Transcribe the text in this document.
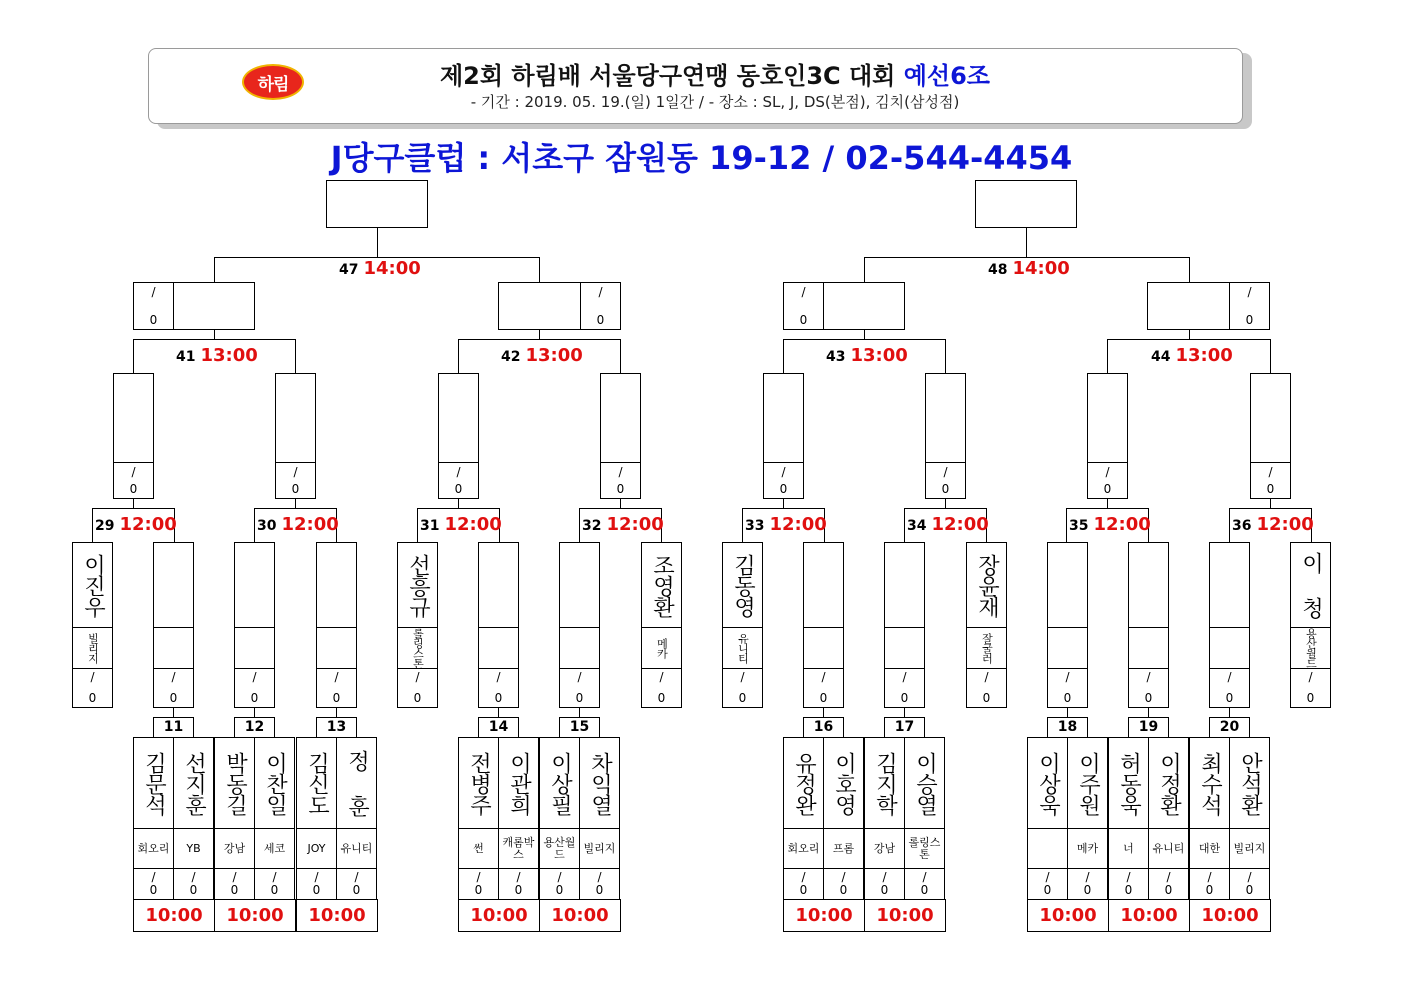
하림	제2회 하림배 서울당구연맹 동호인3C 대회 예선6조
- 기간 : 2019. 05. 19.(일) 1일간 / - 장소 : SL, J, DS(본점), 김치(삼성점)
J당구클럽 : 서초구 잠원동 19-12 / 02-544-4454
47 14:00	48 14:00
/
0
/
0
/
0
/
0
41 13:00
/
0
/
0
42 13:00
/
0
/
0
43 13:00
/
0
/
0
44 13:00
/
0
/
0
29 12:00	30 12:00	31 12:00	32 12:00	33 12:00	34 12:00	35 12:00	36 12:00
이진우
빌리지
/
0
/
0
/
0
/
0
선흥규
롤링스톤
/
0
/
0
/
0
조영환
메카
/
0
김동영
유니티
/
0
/
0
/
0
장윤재
잘굴러
/
0
/
0
/
0
/
0
이 청
용산월드
/
0
11
김문석
회오리
/
0
선지훈
YB
/
0
10:00
12
박동길
강남
/
0
이찬일
세코
/
0
10:00
13
김신도
JOY
/
0
정 훈
유니티
/
0
10:00
14
전병주
썬
/
0
이관희
캐롬박스
/
0
10:00
15
이상필
용산월드
/
0
차익열
빌리지
/
0
10:00
16
유정완
회오리
/
0
이호영
프롬
/
0
10:00
17
김지학
강남
/
0
이승열
롤링스톤
/
0
10:00
18
이상욱
/
0
이주원
메카
/
0
10:00
19
허동욱
너
/
0
이정환
유니티
/
0
10:00
20
최수석
대한
/
0
안석환
빌리지
/
0
10:00
